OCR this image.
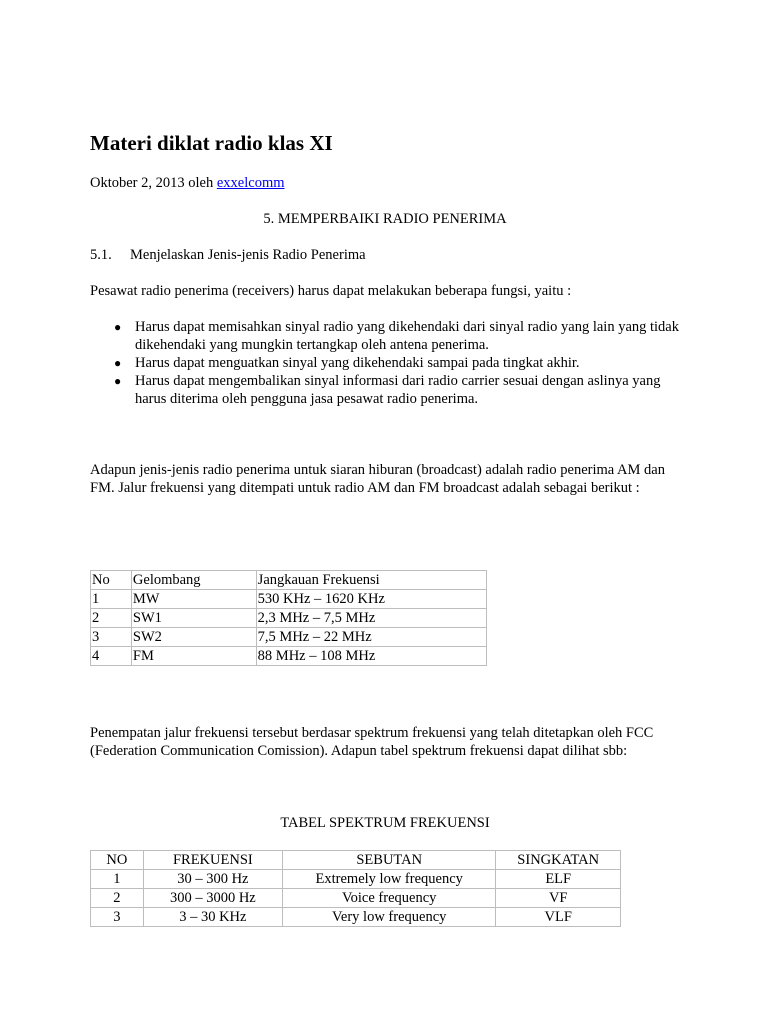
Materi diklat radio klas XI
Oktober 2, 2013 oleh exxelcomm
5. MEMPERBAIKI RADIO PENERIMA
5.1. Menjelaskan Jenis-jenis Radio Penerima

Pesawat radio penerima (receivers) harus dapat melakukan beberapa fungsi, yaitu :

● Harus dapat memisahkan sinyal radio yang dikehendaki dari sinyal radio yang lain yang tidak dikehendaki yang mungkin tertangkap oleh antena penerima.
● Harus dapat menguatkan sinyal yang dikehendaki sampai pada tingkat akhir.
● Harus dapat mengembalikan sinyal informasi dari radio carrier sesuai dengan aslinya yang harus diterima oleh pengguna jasa pesawat radio penerima.

Adapun jenis-jenis radio penerima untuk siaran hiburan (broadcast) adalah radio penerima AM dan FM. Jalur frekuensi yang ditempati untuk radio AM dan FM broadcast adalah sebagai berikut :

No	Gelombang	Jangkauan Frekuensi
1	MW	530 KHz – 1620 KHz
2	SW1	2,3 MHz – 7,5 MHz
3	SW2	7,5 MHz – 22 MHz
4	FM	88 MHz – 108 MHz

Penempatan jalur frekuensi tersebut berdasar spektrum frekuensi yang telah ditetapkan oleh FCC (Federation Communication Comission). Adapun tabel spektrum frekuensi dapat dilihat sbb:

TABEL SPEKTRUM FREKUENSI
NO	FREKUENSI	SEBUTAN	SINGKATAN
1	30 – 300 Hz	Extremely low frequency	ELF
2	300 – 3000 Hz	Voice frequency	VF
3	3 – 30 KHz	Very low frequency	VLF
